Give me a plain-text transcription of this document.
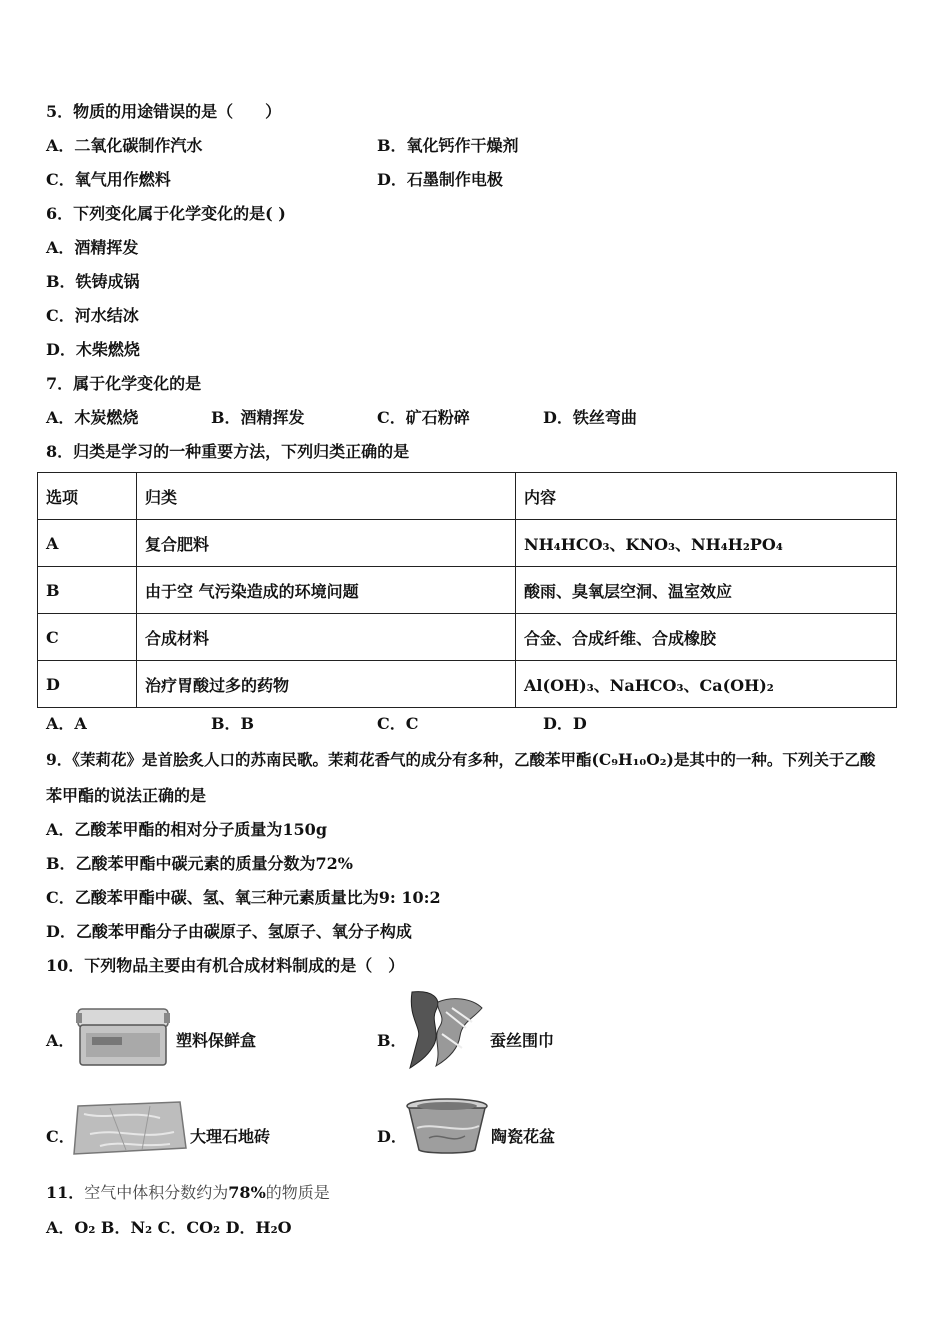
5．物质的用途错误的是（　　）
A．二氧化碳制作汽水	B．氧化钙作干燥剂
C．氧气用作燃料	D．石墨制作电极
6．下列变化属于化学变化的是( )
A．酒精挥发
B．铁铸成锅
C．河水结冰
D．木柴燃烧
7．属于化学变化的是
A．木炭燃烧	B．酒精挥发	C．矿石粉碎	D．铁丝弯曲
8．归类是学习的一种重要方法，下列归类正确的是
选项	归类	内容
A	复合肥料	NH₄HCO₃、KNO₃、NH₄H₂PO₄
B	由于空 气污染造成的环境问题	酸雨、臭氧层空洞、温室效应
C	合成材料	合金、合成纤维、合成橡胶
D	治疗胃酸过多的药物	Al(OH)₃、NaHCO₃、Ca(OH)₂
A．A	B．B	C．C	D．D
9．《茉莉花》是首脍炙人口的苏南民歌。茉莉花香气的成分有多种，乙酸苯甲酯(C₉H₁₀O₂)是其中的一种。下列关于乙酸
苯甲酯的说法正确的是
A．乙酸苯甲酯的相对分子质量为150g
B．乙酸苯甲酯中碳元素的质量分数为72%
C．乙酸苯甲酯中碳、氢、氧三种元素质量比为9: 10:2
D．乙酸苯甲酯分子由碳原子、氢原子、氧分子构成
10．下列物品主要由有机合成材料制成的是（　）
A．	塑料保鲜盒	B．	蚕丝围巾
C．	大理石地砖	D．	陶瓷花盆
11．空气中体积分数约为78%的物质是
A．O₂ B．N₂ C．CO₂ D．H₂O
